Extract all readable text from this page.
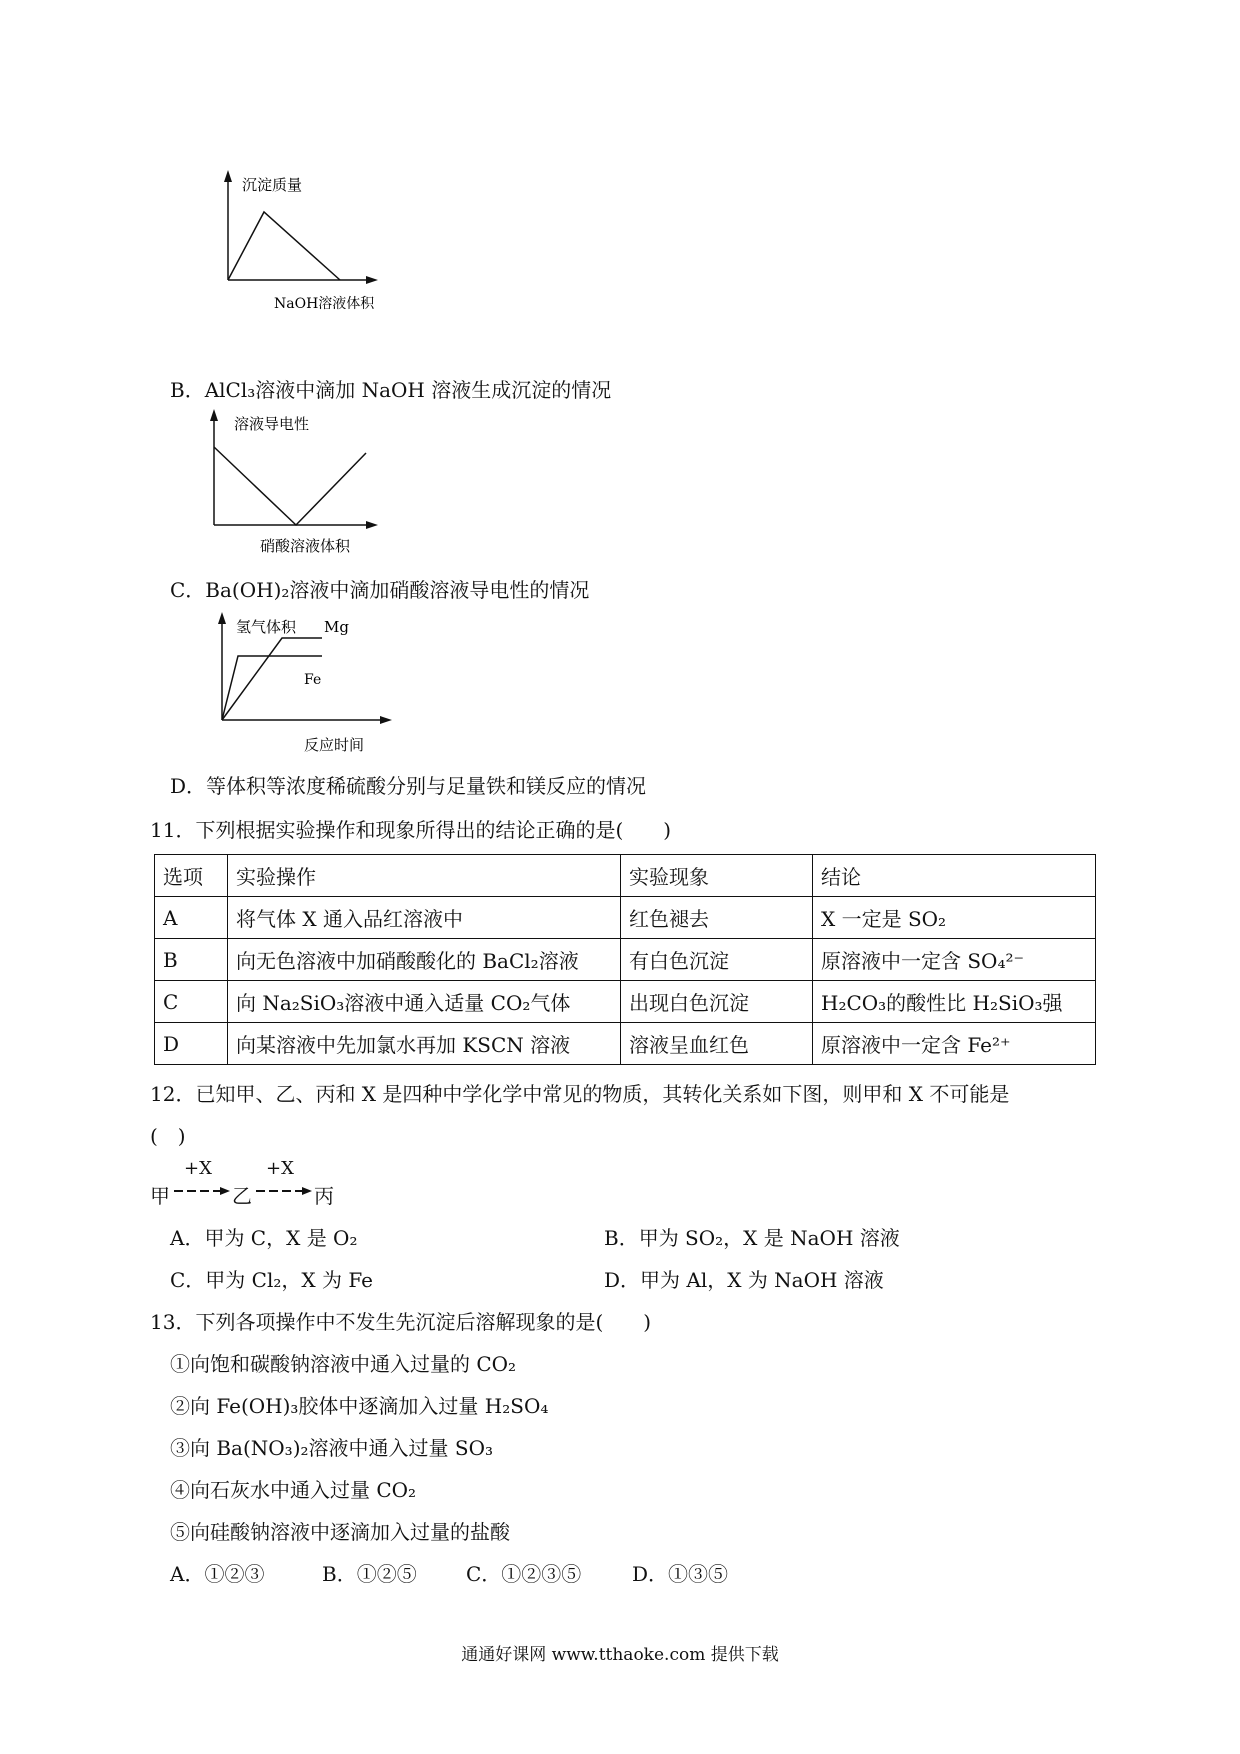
沉淀质量
NaOH溶液体积
B．AlCl₃溶液中滴加 NaOH 溶液生成沉淀的情况
溶液导电性
硝酸溶液体积
C．Ba(OH)₂溶液中滴加硝酸溶液导电性的情况
氢气体积 Mg
Fe
反应时间
D．等体积等浓度稀硫酸分别与足量铁和镁反应的情况
11．下列根据实验操作和现象所得出的结论正确的是(　　)
选项	实验操作	实验现象	结论
A	将气体 X 通入品红溶液中	红色褪去	X 一定是 SO₂
B	向无色溶液中加硝酸酸化的 BaCl₂溶液	有白色沉淀	原溶液中一定含 SO₄²⁻
C	向 Na₂SiO₃溶液中通入适量 CO₂气体	出现白色沉淀	H₂CO₃的酸性比 H₂SiO₃强
D	向某溶液中先加氯水再加 KSCN 溶液	溶液呈血红色	原溶液中一定含 Fe²⁺
12．已知甲、乙、丙和 X 是四种中学化学中常见的物质，其转化关系如下图，则甲和 X 不可能是
(　)
甲
+X
乙
+X
丙
A．甲为 C，X 是 O₂	B．甲为 SO₂，X 是 NaOH 溶液
C．甲为 Cl₂，X 为 Fe	D．甲为 Al，X 为 NaOH 溶液
13．下列各项操作中不发生先沉淀后溶解现象的是(　　)
①向饱和碳酸钠溶液中通入过量的 CO₂
②向 Fe(OH)₃胶体中逐滴加入过量 H₂SO₄
③向 Ba(NO₃)₂溶液中通入过量 SO₃
④向石灰水中通入过量 CO₂
⑤向硅酸钠溶液中逐滴加入过量的盐酸
A．①②③	B．①②⑤ C．①②③⑤	D．①③⑤
通通好课网 www.tthaoke.com 提供下载
